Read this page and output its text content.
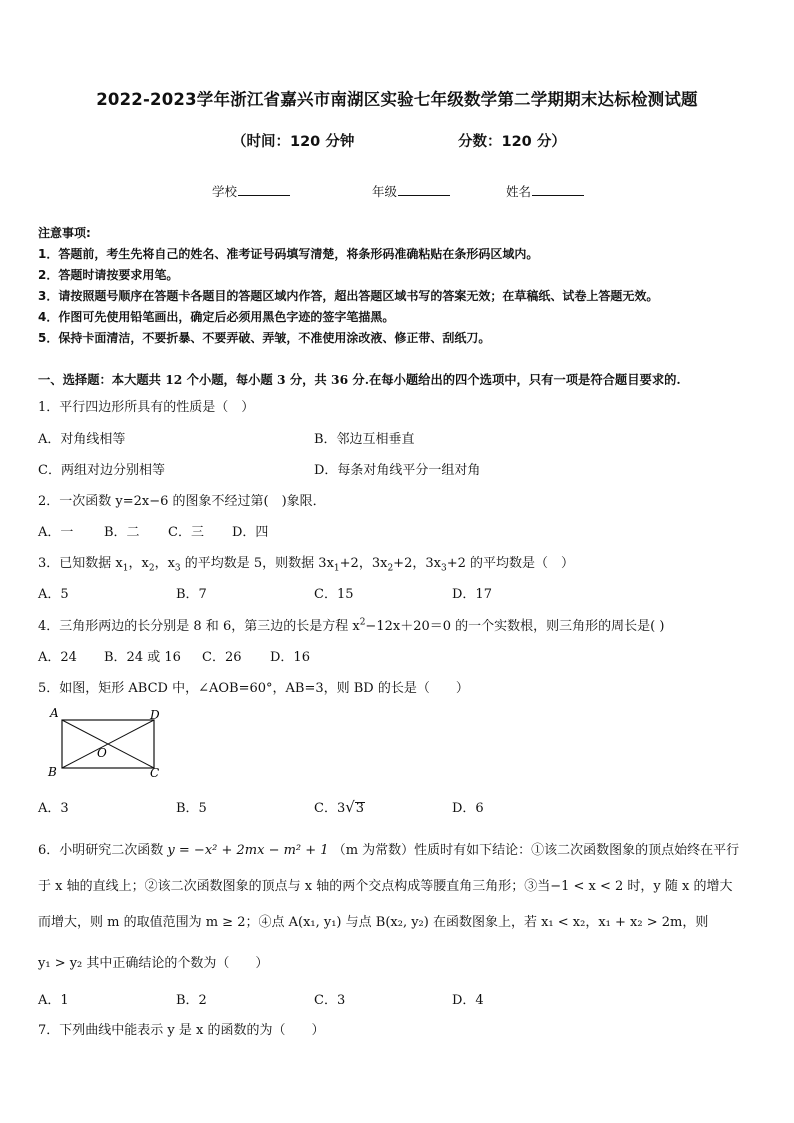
2022-2023学年浙江省嘉兴市南湖区实验七年级数学第二学期期末达标检测试题
（时间：120 分钟	分数：120 分）
学校	年级	姓名
注意事项:
1．答题前，考生先将自己的姓名、准考证号码填写清楚，将条形码准确粘贴在条形码区域内。
2．答题时请按要求用笔。
3．请按照题号顺序在答题卡各题目的答题区域内作答，超出答题区域书写的答案无效；在草稿纸、试卷上答题无效。
4．作图可先使用铅笔画出，确定后必须用黑色字迹的签字笔描黑。
5．保持卡面清洁，不要折暴、不要弄破、弄皱，不准使用涂改液、修正带、刮纸刀。
一、选择题：本大题共 12 个小题，每小题 3 分，共 36 分.在每小题给出的四个选项中，只有一项是符合题目要求的.
1．平行四边形所具有的性质是（　）
A．对角线相等	B．邻边互相垂直
C．两组对边分别相等	D．每条对角线平分一组对角
2．一次函数 y=2x−6 的图象不经过第(　)象限．
A．一 B．二 C．三 D．四
3．已知数据 $x_1$，$x_2$，$x_3$ 的平均数是 5，则数据 $3x_1+2$，$3x_2+2$，$3x_3+2$ 的平均数是（　）
A．5	B．7	C．15	D．17
4．三角形两边的长分别是 8 和 6，第三边的长是方程 $x^2-12x+20=0$ 的一个实数根，则三角形的周长是( )
A．24 B．24 或 16 C．26 D．16
5．如图，矩形 ABCD 中，∠AOB=60°，AB=3，则 BD 的长是（　　）
A	D
B	C
O
A．3	B．5	C．3√3	D．6
6．小明研究二次函数 y = −x² + 2mx − m² + 1 （m 为常数）性质时有如下结论：①该二次函数图象的顶点始终在平行
于 x 轴的直线上；②该二次函数图象的顶点与 x 轴的两个交点构成等腰直角三角形；③当−1 < x < 2 时，y 随 x 的增大
而增大，则 m 的取值范围为 m ≥ 2；④点 A(x₁, y₁) 与点 B(x₂, y₂) 在函数图象上，若 x₁ < x₂，x₁ + x₂ > 2m，则
y₁ > y₂ 其中正确结论的个数为（　　）
A．1	B．2	C．3	D．4
7．下列曲线中能表示 y 是 x 的函数的为（　　）
